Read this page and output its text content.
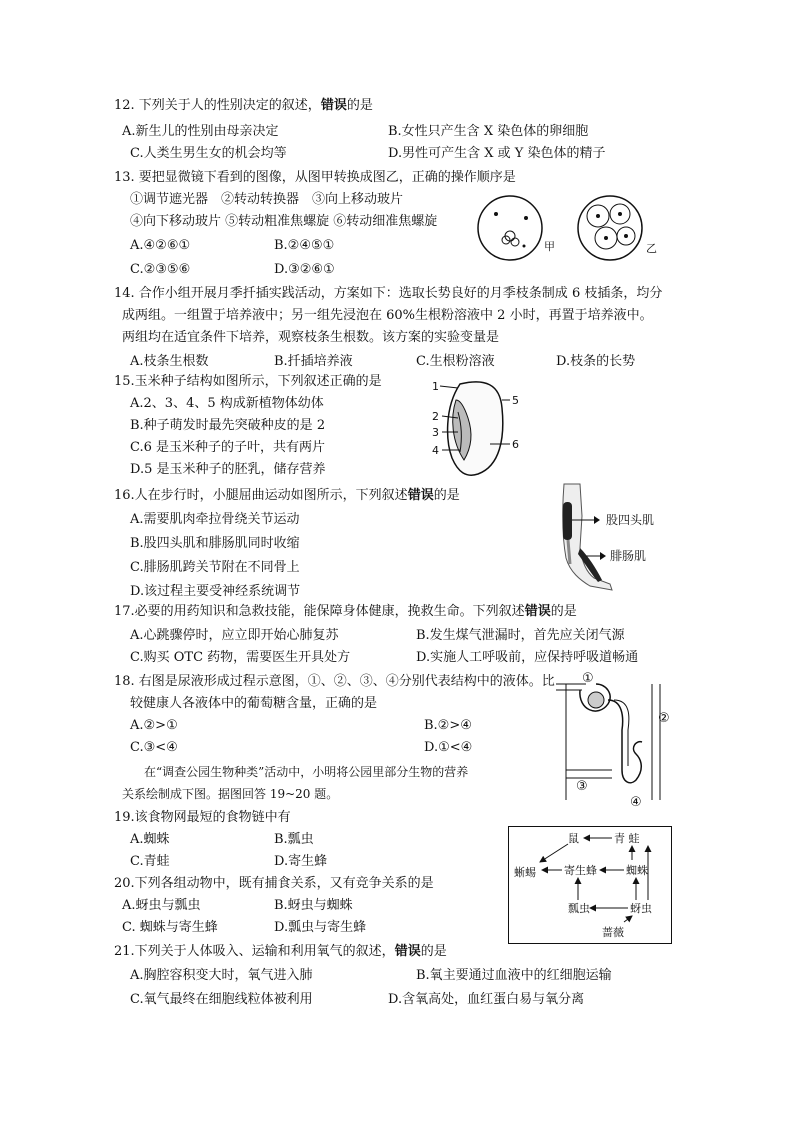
12. 下列关于人的性别决定的叙述，错误的是
A.新生儿的性别由母亲决定	B.女性只产生含 X 染色体的卵细胞
C.人类生男生女的机会均等	D.男性可产生含 X 或 Y 染色体的精子
13. 要把显微镜下看到的图像，从图甲转换成图乙，正确的操作顺序是
①调节遮光器　②转动转换器　③向上移动玻片
④向下移动玻片 ⑤转动粗准焦螺旋 ⑥转动细准焦螺旋
A.④②⑥①	B.②④⑤①
C.②③⑤⑥	D.③②⑥①
甲	乙
14. 合作小组开展月季扦插实践活动，方案如下：选取长势良好的月季枝条制成 6 枝插条，均分
成两组。一组置于培养液中；另一组先浸泡在 60%生根粉溶液中 2 小时，再置于培养液中。
两组均在适宜条件下培养，观察枝条生根数。该方案的实验变量是
A.枝条生根数	B.扦插培养液	C.生根粉溶液	D.枝条的长势
15.玉米种子结构如图所示，下列叙述正确的是
A.2、3、4、5 构成新植物体幼体
B.种子萌发时最先突破种皮的是 2
C.6 是玉米种子的子叶，共有两片
D.5 是玉米种子的胚乳，储存营养
1
2
3
4
5
6
16.人在步行时，小腿屈曲运动如图所示，下列叙述错误的是
A.需要肌肉牵拉骨绕关节运动
B.股四头肌和腓肠肌同时收缩
C.腓肠肌跨关节附在不同骨上
D.该过程主要受神经系统调节
股四头肌
腓肠肌
17.必要的用药知识和急救技能，能保障身体健康，挽救生命。下列叙述错误的是
A.心跳骤停时，应立即开始心肺复苏	B.发生煤气泄漏时，首先应关闭气源
C.购买 OTC 药物，需要医生开具处方	D.实施人工呼吸前，应保持呼吸道畅通
18. 右图是尿液形成过程示意图，①、②、③、④分别代表结构中的液体。比
较健康人各液体中的葡萄糖含量，正确的是
A.②>①	B.②>④
C.③<④	D.①<④
①
②
③
④
在“调查公园生物种类”活动中，小明将公园里部分生物的营养
关系绘制成下图。据图回答 19~20 题。
19.该食物网最短的食物链中有
A.蜘蛛	B.瓢虫
C.青蛙	D.寄生蜂
20.下列各组动物中，既有捕食关系，又有竞争关系的是
A.蚜虫与瓢虫	B.蚜虫与蜘蛛
C. 蜘蛛与寄生蜂	D.瓢虫与寄生蜂
鼠	青 蛙
蜥蜴	寄生蜂	蜘蛛
瓢虫	蚜虫
蔷薇
21.下列关于人体吸入、运输和利用氧气的叙述，错误的是
A.胸腔容积变大时，氧气进入肺	B.氧主要通过血液中的红细胞运输
C.氧气最终在细胞线粒体被利用	D.含氧高处，血红蛋白易与氧分离
